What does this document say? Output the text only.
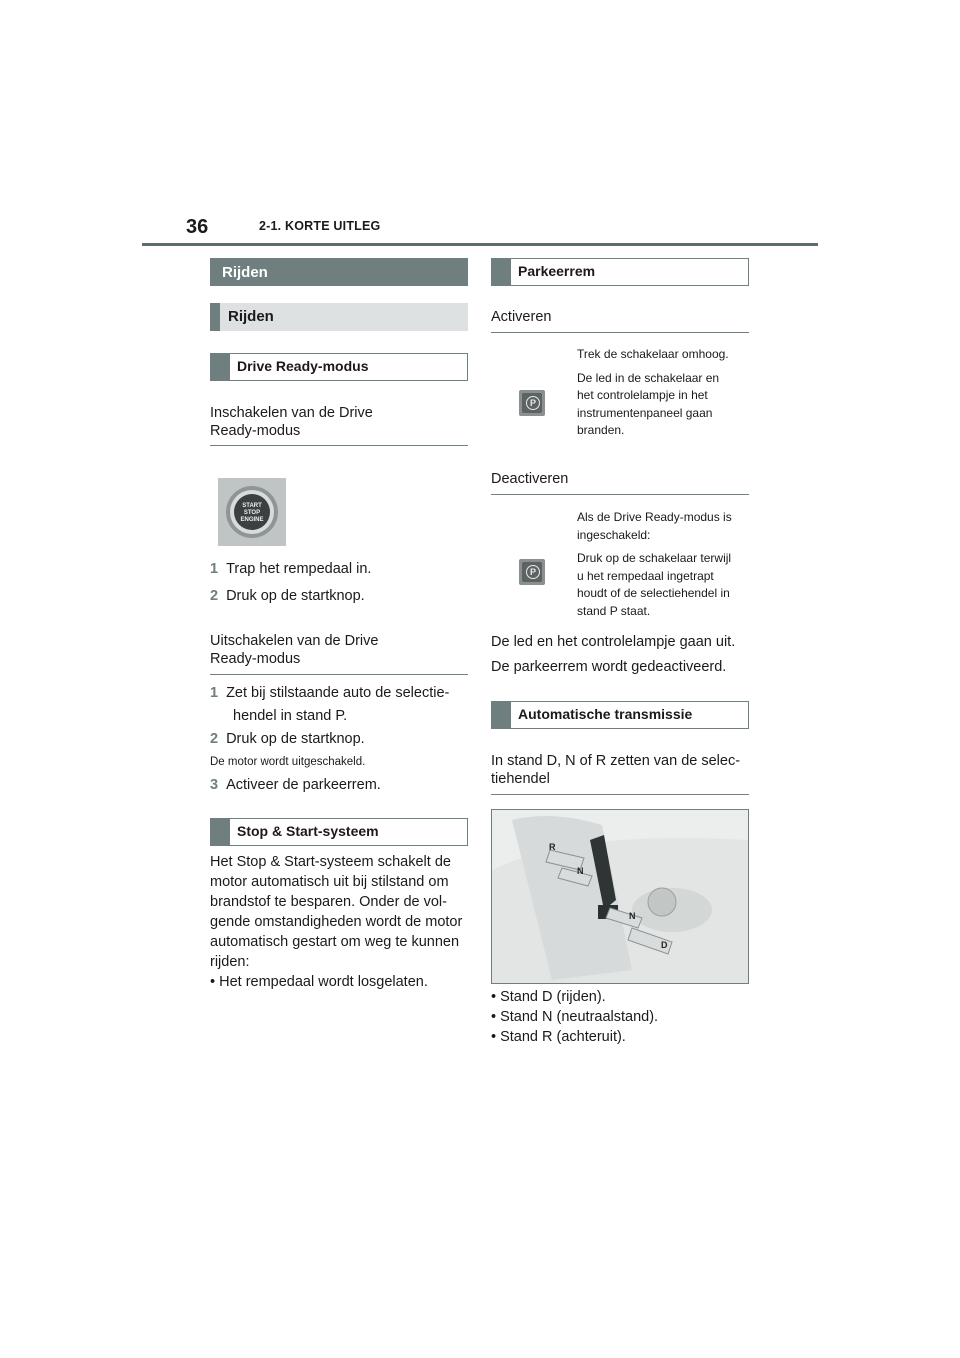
36	2-1. KORTE UITLEG
Rijden
Rijden
Drive Ready-modus
Inschakelen van de Drive
Ready-modus
START
STOP
ENGINE
1 Trap het rempedaal in.
2 Druk op de startknop.
Uitschakelen van de Drive
Ready-modus
1 Zet bij stilstaande auto de selectie-
hendel in stand P.
2 Druk op de startknop.
De motor wordt uitgeschakeld.
3 Activeer de parkeerrem.
Stop & Start-systeem
Het Stop & Start-systeem schakelt de
motor automatisch uit bij stilstand om
brandstof te besparen. Onder de vol-
gende omstandigheden wordt de motor
automatisch gestart om weg te kunnen
rijden:
• Het rempedaal wordt losgelaten.
Parkeerrem
Activeren
P
Trek de schakelaar omhoog.
De led in de schakelaar en
het controlelampje in het
instrumentenpaneel gaan
branden.
Deactiveren
P
Als de Drive Ready-modus is
ingeschakeld:
Druk op de schakelaar terwijl
u het rempedaal ingetrapt
houdt of de selectiehendel in
stand P staat.
De led en het controlelampje gaan uit.
De parkeerrem wordt gedeactiveerd.
Automatische transmissie
In stand D, N of R zetten van de selec-
tiehendel
R
N
N
D
• Stand D (rijden).
• Stand N (neutraalstand).
• Stand R (achteruit).
